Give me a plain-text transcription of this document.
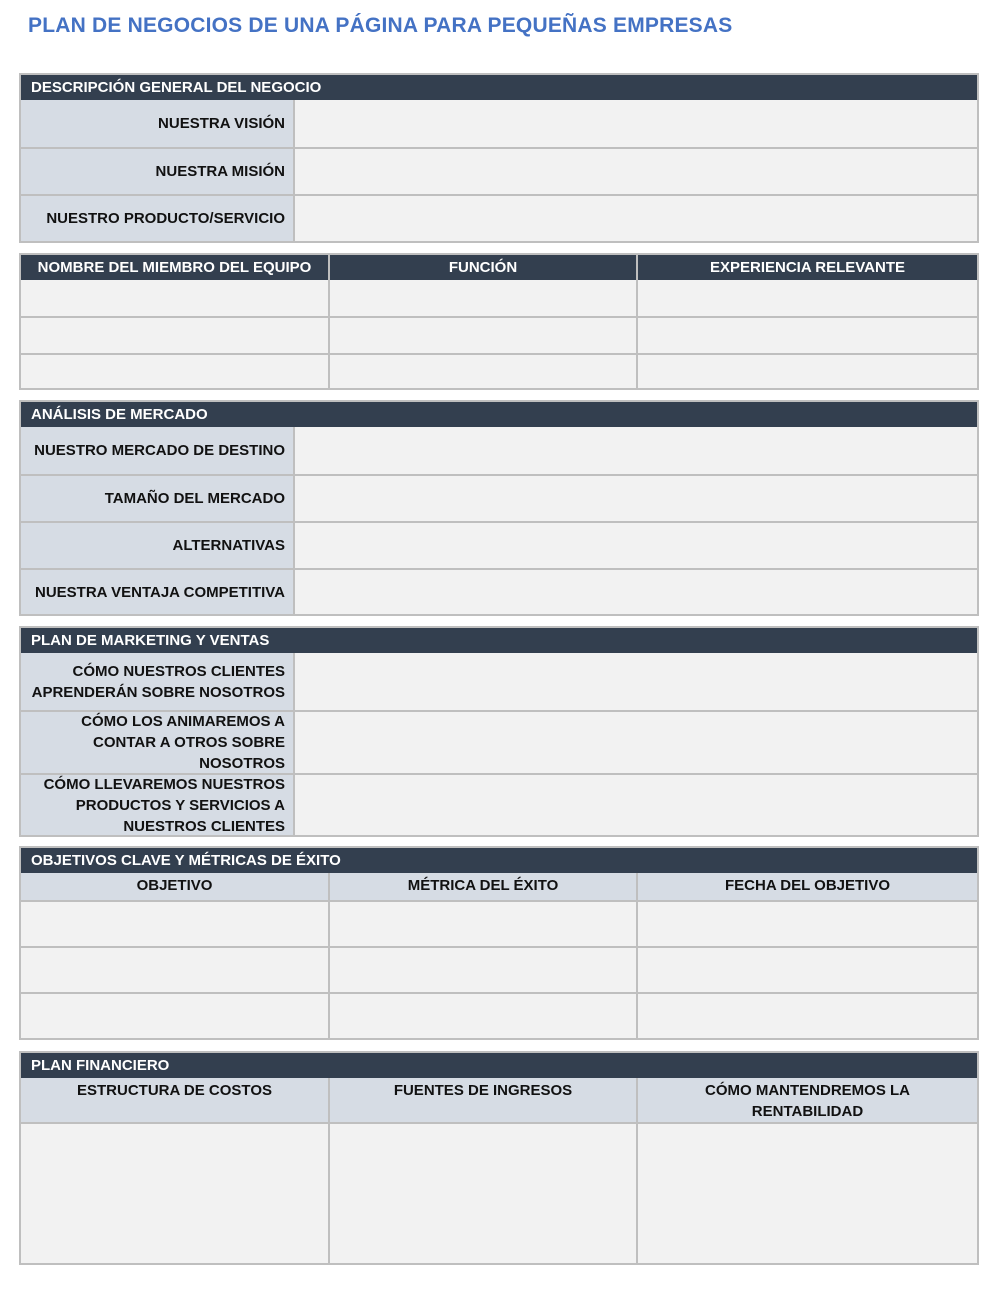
PLAN DE NEGOCIOS DE UNA PÁGINA PARA PEQUEÑAS EMPRESAS
DESCRIPCIÓN GENERAL DEL NEGOCIO
NUESTRA VISIÓN
NUESTRA MISIÓN
NUESTRO PRODUCTO/SERVICIO
NOMBRE DEL MIEMBRO DEL EQUIPO	FUNCIÓN	EXPERIENCIA RELEVANTE
ANÁLISIS DE MERCADO
NUESTRO MERCADO DE DESTINO
TAMAÑO DEL MERCADO
ALTERNATIVAS
NUESTRA VENTAJA COMPETITIVA
PLAN DE MARKETING Y VENTAS
CÓMO NUESTROS CLIENTES APRENDERÁN SOBRE NOSOTROS
CÓMO LOS ANIMAREMOS A CONTAR A OTROS SOBRE NOSOTROS
CÓMO LLEVAREMOS NUESTROS PRODUCTOS Y SERVICIOS A NUESTROS CLIENTES
OBJETIVOS CLAVE Y MÉTRICAS DE ÉXITO
OBJETIVO	MÉTRICA DEL ÉXITO	FECHA DEL OBJETIVO
PLAN FINANCIERO
ESTRUCTURA DE COSTOS	FUENTES DE INGRESOS	CÓMO MANTENDREMOS LA RENTABILIDAD
